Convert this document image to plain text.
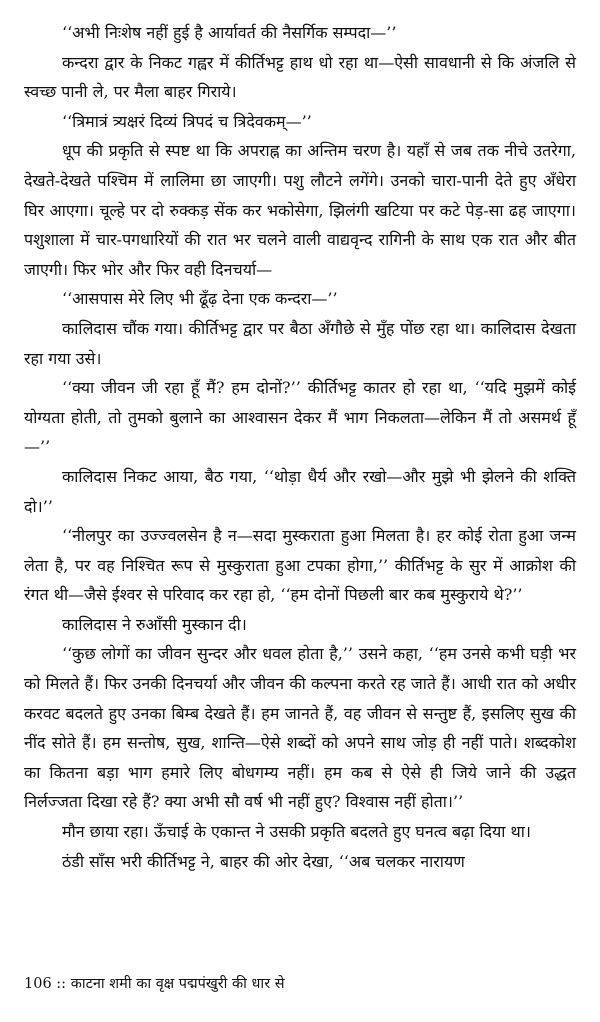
‘‘अभी निःशेष नहीं हुई है आर्यावर्त की नैसर्गिक सम्पदा—’’

कन्दरा द्वार के निकट गह्वर में कीर्तिभट्ट हाथ धो रहा था—ऐसी सावधानी से कि अंजलि से स्वच्छ पानी ले, पर मैला बाहर गिराये।

‘‘त्रिमात्रं त्र्यक्षरं दिव्यं त्रिपदं च त्रिदेवकम्—’’

धूप की प्रकृति से स्पष्ट था कि अपराह्न का अन्तिम चरण है। यहाँ से जब तक नीचे उतरेगा, देखते-देखते पश्चिम में लालिमा छा जाएगी। पशु लौटने लगेंगे। उनको चारा-पानी देते हुए अँधेरा घिर आएगा। चूल्हे पर दो रुक्कड़ सेंक कर भकोसेगा, झिलंगी खटिया पर कटे पेड़-सा ढह जाएगा। पशुशाला में चार-पगधारियों की रात भर चलने वाली वाद्यवृन्द रागिनी के साथ एक रात और बीत जाएगी। फिर भोर और फिर वही दिनचर्या—

‘‘आसपास मेरे लिए भी ढूँढ़ देना एक कन्दरा—’’

कालिदास चौंक गया। कीर्तिभट्ट द्वार पर बैठा अँगौछे से मुँह पोंछ रहा था। कालिदास देखता रहा गया उसे।

‘‘क्या जीवन जी रहा हूँ मैं? हम दोनों?’’ कीर्तिभट्ट कातर हो रहा था, ‘‘यदि मुझमें कोई योग्यता होती, तो तुमको बुलाने का आश्वासन देकर मैं भाग निकलता—लेकिन मैं तो असमर्थ हूँ—’’

कालिदास निकट आया, बैठ गया, ‘‘थोड़ा धैर्य और रखो—और मुझे भी झेलने की शक्ति दो।’’

‘‘नीलपुर का उज्ज्वलसेन है न—सदा मुस्कराता हुआ मिलता है। हर कोई रोता हुआ जन्म लेता है, पर वह निश्चित रूप से मुस्कुराता हुआ टपका होगा,’’ कीर्तिभट्ट के सुर में आक्रोश की रंगत थी—जैसे ईश्वर से परिवाद कर रहा हो, ‘‘हम दोनों पिछली बार कब मुस्कुराये थे?’’

कालिदास ने रुआँसी मुस्कान दी।

‘‘कुछ लोगों का जीवन सुन्दर और धवल होता है,’’ उसने कहा, ‘‘हम उनसे कभी घड़ी भर को मिलते हैं। फिर उनकी दिनचर्या और जीवन की कल्पना करते रह जाते हैं। आधी रात को अधीर करवट बदलते हुए उनका बिम्ब देखते हैं। हम जानते हैं, वह जीवन से सन्तुष्ट हैं, इसलिए सुख की नींद सोते हैं। हम सन्तोष, सुख, शान्ति—ऐसे शब्दों को अपने साथ जोड़ ही नहीं पाते। शब्दकोश का कितना बड़ा भाग हमारे लिए बोधगम्य नहीं। हम कब से ऐसे ही जिये जाने की उद्धत निर्लज्जता दिखा रहे हैं? क्या अभी सौ वर्ष भी नहीं हुए? विश्वास नहीं होता।’’

मौन छाया रहा। ऊँचाई के एकान्त ने उसकी प्रकृति बदलते हुए घनत्व बढ़ा दिया था।

ठंडी साँस भरी कीर्तिभट्ट ने, बाहर की ओर देखा, ‘‘अब चलकर नारायण

106 :: काटना शमी का वृक्ष पद्मपंखुरी की धार से
